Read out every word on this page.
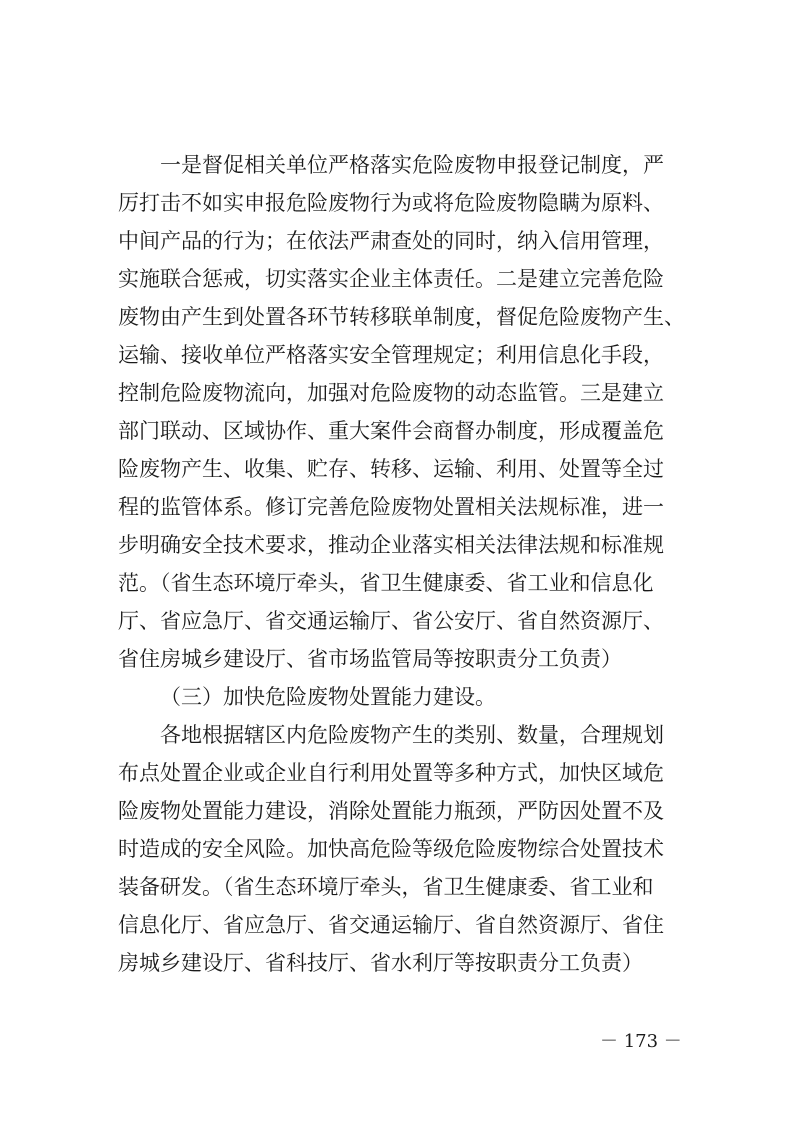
一是督促相关单位严格落实危险废物申报登记制度，严
厉打击不如实申报危险废物行为或将危险废物隐瞒为原料、
中间产品的行为；在依法严肃查处的同时，纳入信用管理，
实施联合惩戒，切实落实企业主体责任。二是建立完善危险
废物由产生到处置各环节转移联单制度，督促危险废物产生、
运输、接收单位严格落实安全管理规定；利用信息化手段，
控制危险废物流向，加强对危险废物的动态监管。三是建立
部门联动、区域协作、重大案件会商督办制度，形成覆盖危
险废物产生、收集、贮存、转移、运输、利用、处置等全过
程的监管体系。修订完善危险废物处置相关法规标准，进一
步明确安全技术要求，推动企业落实相关法律法规和标准规
范。（省生态环境厅牵头，省卫生健康委、省工业和信息化
厅、省应急厅、省交通运输厅、省公安厅、省自然资源厅、
省住房城乡建设厅、省市场监管局等按职责分工负责）
（三）加快危险废物处置能力建设。
各地根据辖区内危险废物产生的类别、数量，合理规划
布点处置企业或企业自行利用处置等多种方式，加快区域危
险废物处置能力建设，消除处置能力瓶颈，严防因处置不及
时造成的安全风险。加快高危险等级危险废物综合处置技术
装备研发。（省生态环境厅牵头，省卫生健康委、省工业和
信息化厅、省应急厅、省交通运输厅、省自然资源厅、省住
房城乡建设厅、省科技厅、省水利厅等按职责分工负责）
－ 173 －
